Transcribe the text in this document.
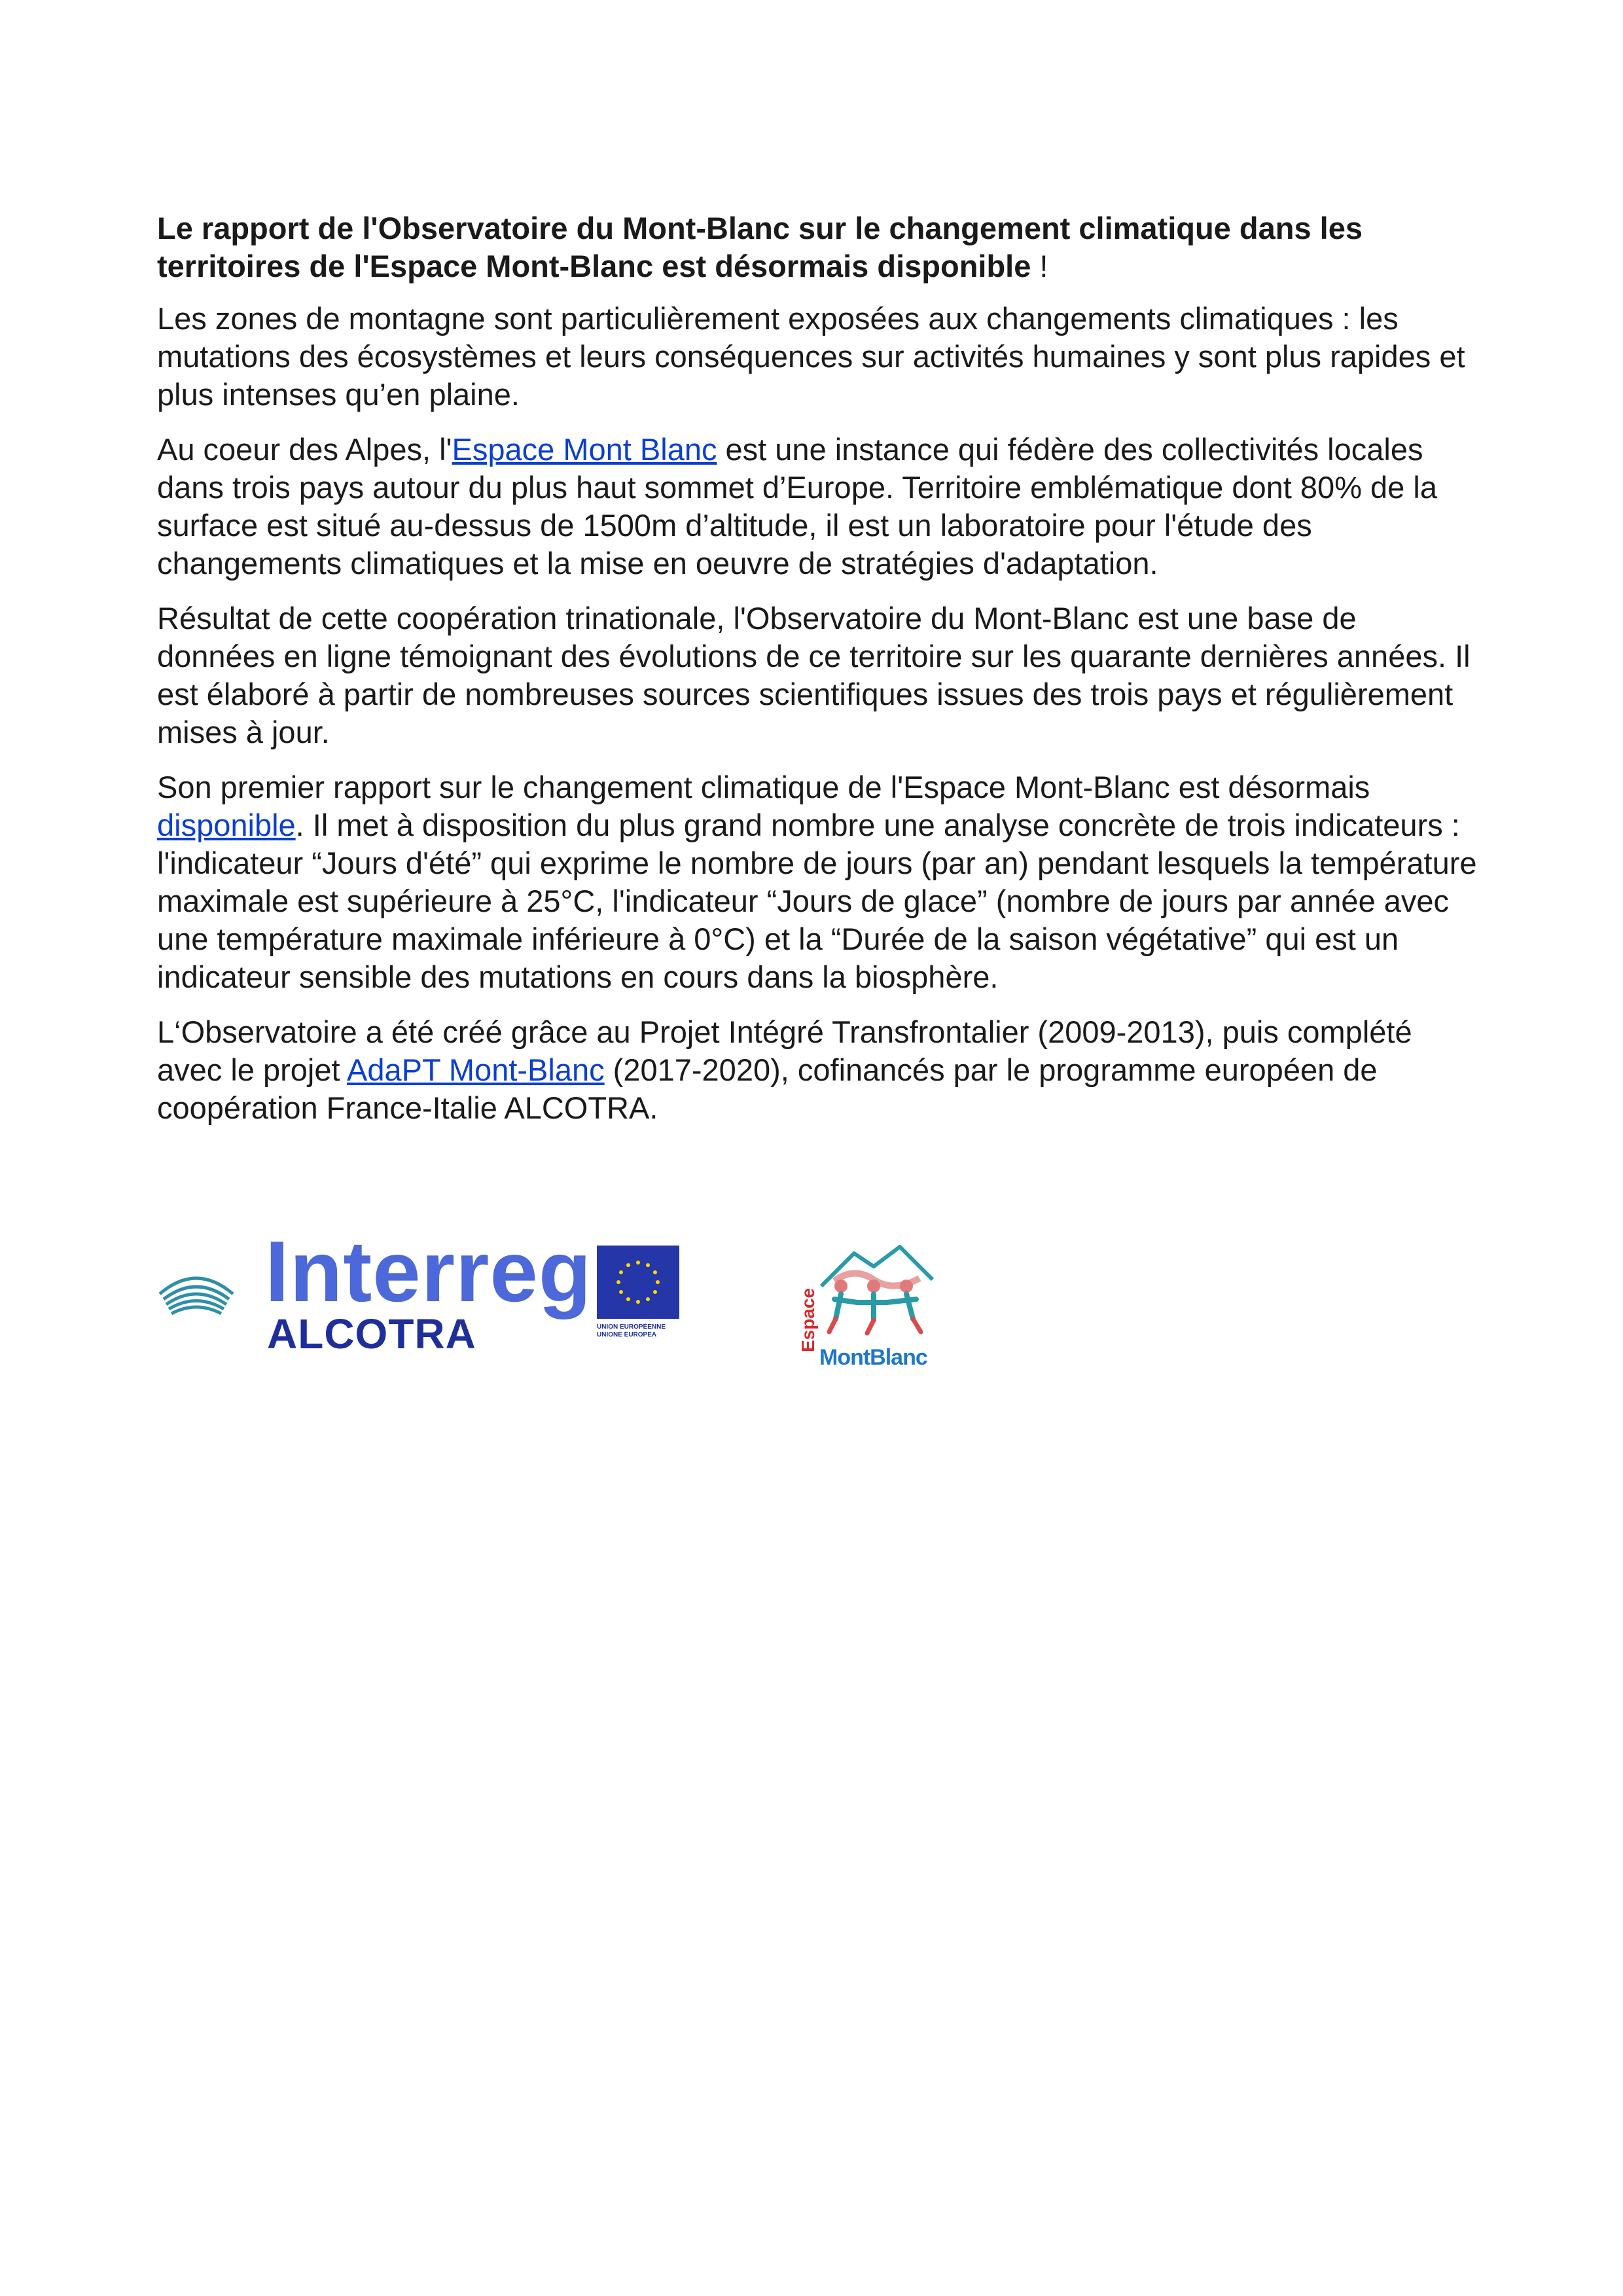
Le rapport de l'Observatoire du Mont-Blanc sur le changement climatique dans les territoires de l'Espace Mont-Blanc est désormais disponible !

Les zones de montagne sont particulièrement exposées aux changements climatiques : les mutations des écosystèmes et leurs conséquences sur activités humaines y sont plus rapides et plus intenses qu’en plaine.

Au coeur des Alpes, l'Espace Mont Blanc est une instance qui fédère des collectivités locales dans trois pays autour du plus haut sommet d’Europe. Territoire emblématique dont 80% de la surface est situé au-dessus de 1500m d’altitude, il est un laboratoire pour l'étude des changements climatiques et la mise en oeuvre de stratégies d'adaptation.

Résultat de cette coopération trinationale, l'Observatoire du Mont-Blanc est une base de données en ligne témoignant des évolutions de ce territoire sur les quarante dernières années. Il est élaboré à partir de nombreuses sources scientifiques issues des trois pays et régulièrement mises à jour.

Son premier rapport sur le changement climatique de l'Espace Mont-Blanc est désormais disponible. Il met à disposition du plus grand nombre une analyse concrète de trois indicateurs : l'indicateur “Jours d'été” qui exprime le nombre de jours (par an) pendant lesquels la température maximale est supérieure à 25°C, l'indicateur “Jours de glace” (nombre de jours par année avec une température maximale inférieure à 0°C) et la “Durée de la saison végétative” qui est un indicateur sensible des mutations en cours dans la biosphère.

L‘Observatoire a été créé grâce au Projet Intégré Transfrontalier (2009-2013), puis complété avec le projet AdaPT Mont-Blanc (2017-2020), cofinancés par le programme européen de coopération France-Italie ALCOTRA.

Interreg
ALCOTRA	UNION EUROPÉENNE
UNIONE EUROPEA	Espace
MontBlanc
